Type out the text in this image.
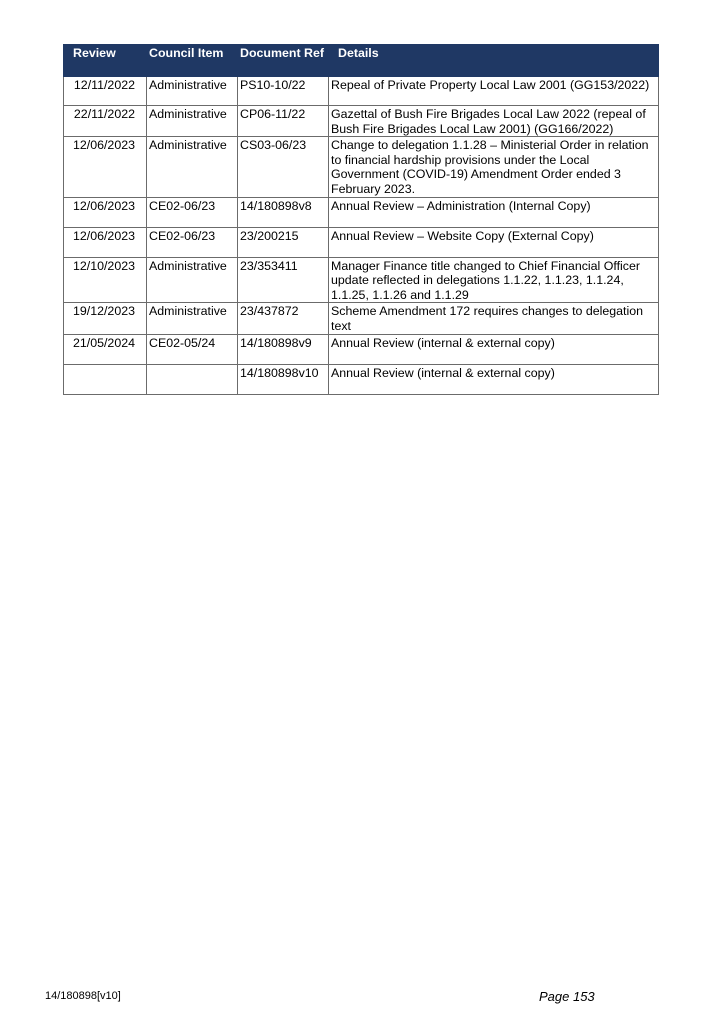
Review	Council Item	Document Ref	Details
12/11/2022	Administrative	PS10-10/22	Repeal of Private Property Local Law 2001 (GG153/2022)
22/11/2022	Administrative	CP06-11/22	Gazettal of Bush Fire Brigades Local Law 2022 (repeal of Bush Fire Brigades Local Law 2001) (GG166/2022)
12/06/2023	Administrative	CS03-06/23	Change to delegation 1.1.28 – Ministerial Order in relation to financial hardship provisions under the Local Government (COVID-19) Amendment Order ended 3 February 2023.
12/06/2023	CE02-06/23	14/180898v8	Annual Review – Administration (Internal Copy)
12/06/2023	CE02-06/23	23/200215	Annual Review – Website Copy (External Copy)
12/10/2023	Administrative	23/353411	Manager Finance title changed to Chief Financial Officer update reflected in delegations 1.1.22, 1.1.23, 1.1.24, 1.1.25, 1.1.26 and 1.1.29
19/12/2023	Administrative	23/437872	Scheme Amendment 172 requires changes to delegation text
21/05/2024	CE02-05/24	14/180898v9	Annual Review (internal & external copy)
		14/180898v10	Annual Review (internal & external copy)
14/180898[v10]	Page 153
